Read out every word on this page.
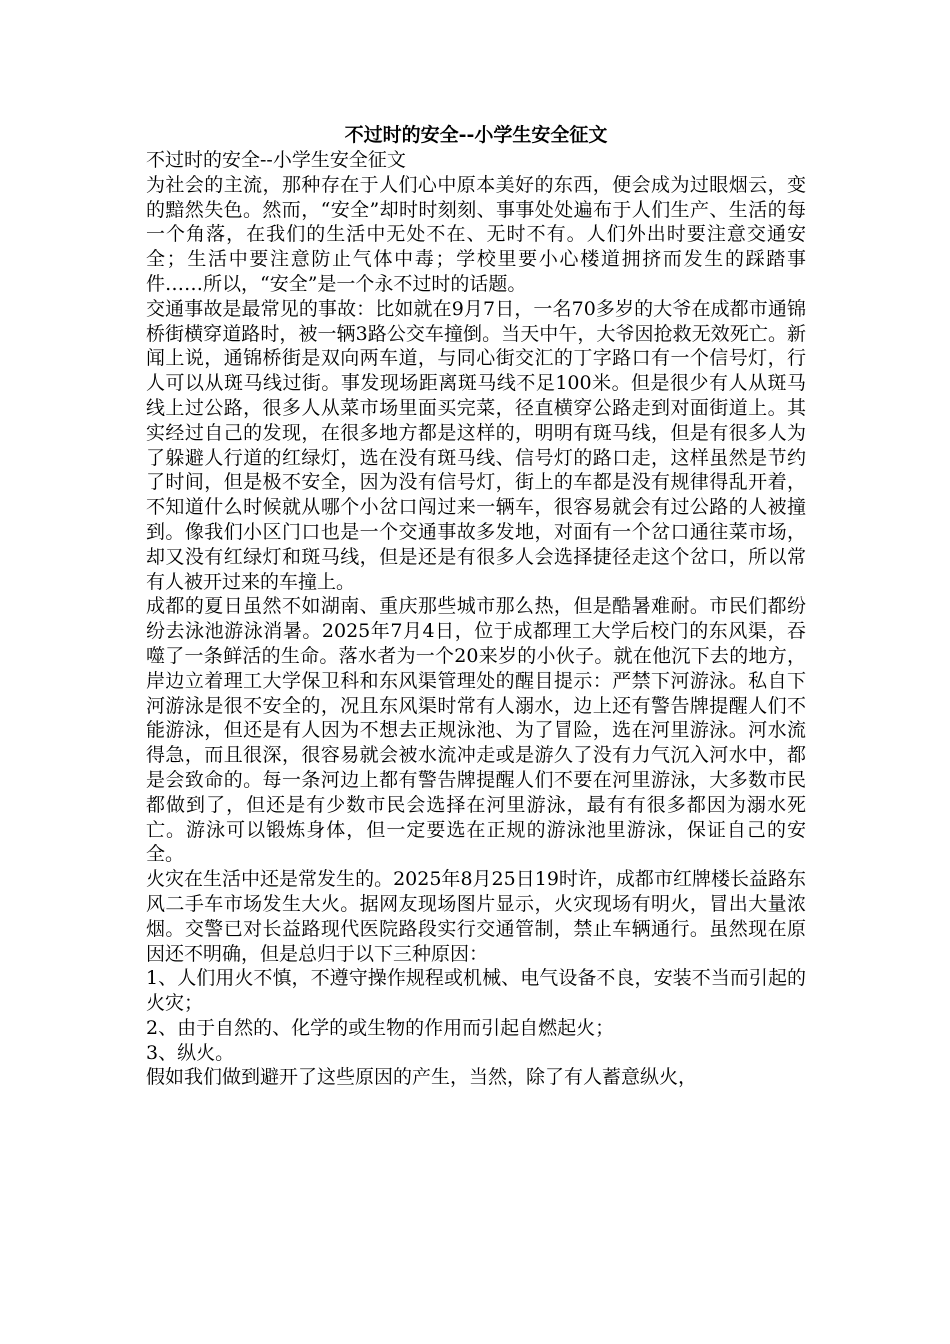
不过时的安全--小学生安全征文

不过时的安全--小学生安全征文

为社会的主流，那种存在于人们心中原本美好的东西，便会成为过眼烟云，变的黯然失色。然而，“安全”却时时刻刻、事事处处遍布于人们生产、生活的每一个角落，在我们的生活中无处不在、无时不有。人们外出时要注意交通安全；生活中要注意防止气体中毒；学校里要小心楼道拥挤而发生的踩踏事件……所以，“安全”是一个永不过时的话题。

交通事故是最常见的事故：比如就在9月7日，一名70多岁的大爷在成都市通锦桥街横穿道路时，被一辆3路公交车撞倒。当天中午，大爷因抢救无效死亡。新闻上说，通锦桥街是双向两车道，与同心街交汇的丁字路口有一个信号灯，行人可以从斑马线过街。事发现场距离斑马线不足100米。但是很少有人从斑马线上过公路，很多人从菜市场里面买完菜，径直横穿公路走到对面街道上。其实经过自己的发现，在很多地方都是这样的，明明有斑马线，但是有很多人为了躲避人行道的红绿灯，选在没有斑马线、信号灯的路口走，这样虽然是节约了时间，但是极不安全，因为没有信号灯，街上的车都是没有规律得乱开着，不知道什么时候就从哪个小岔口闯过来一辆车，很容易就会有过公路的人被撞到。像我们小区门口也是一个交通事故多发地，对面有一个岔口通往菜市场，却又没有红绿灯和斑马线，但是还是有很多人会选择捷径走这个岔口，所以常有人被开过来的车撞上。

成都的夏日虽然不如湖南、重庆那些城市那么热，但是酷暑难耐。市民们都纷纷去泳池游泳消暑。2025年7月4日，位于成都理工大学后校门的东风渠，吞噬了一条鲜活的生命。落水者为一个20来岁的小伙子。就在他沉下去的地方，岸边立着理工大学保卫科和东风渠管理处的醒目提示：严禁下河游泳。私自下河游泳是很不安全的，况且东风渠时常有人溺水，边上还有警告牌提醒人们不能游泳，但还是有人因为不想去正规泳池、为了冒险，选在河里游泳。河水流得急，而且很深，很容易就会被水流冲走或是游久了没有力气沉入河水中，都是会致命的。每一条河边上都有警告牌提醒人们不要在河里游泳，大多数市民都做到了，但还是有少数市民会选择在河里游泳，最有有很多都因为溺水死亡。游泳可以锻炼身体，但一定要选在正规的游泳池里游泳，保证自己的安全。

火灾在生活中还是常发生的。2025年8月25日19时许，成都市红牌楼长益路东风二手车市场发生大火。据网友现场图片显示，火灾现场有明火，冒出大量浓烟。交警已对长益路现代医院路段实行交通管制，禁止车辆通行。虽然现在原因还不明确，但是总归于以下三种原因：

1、人们用火不慎，不遵守操作规程或机械、电气设备不良，安装不当而引起的火灾；

2、由于自然的、化学的或生物的作用而引起自燃起火；

3、纵火。

假如我们做到避开了这些原因的产生，当然，除了有人蓄意纵火，
